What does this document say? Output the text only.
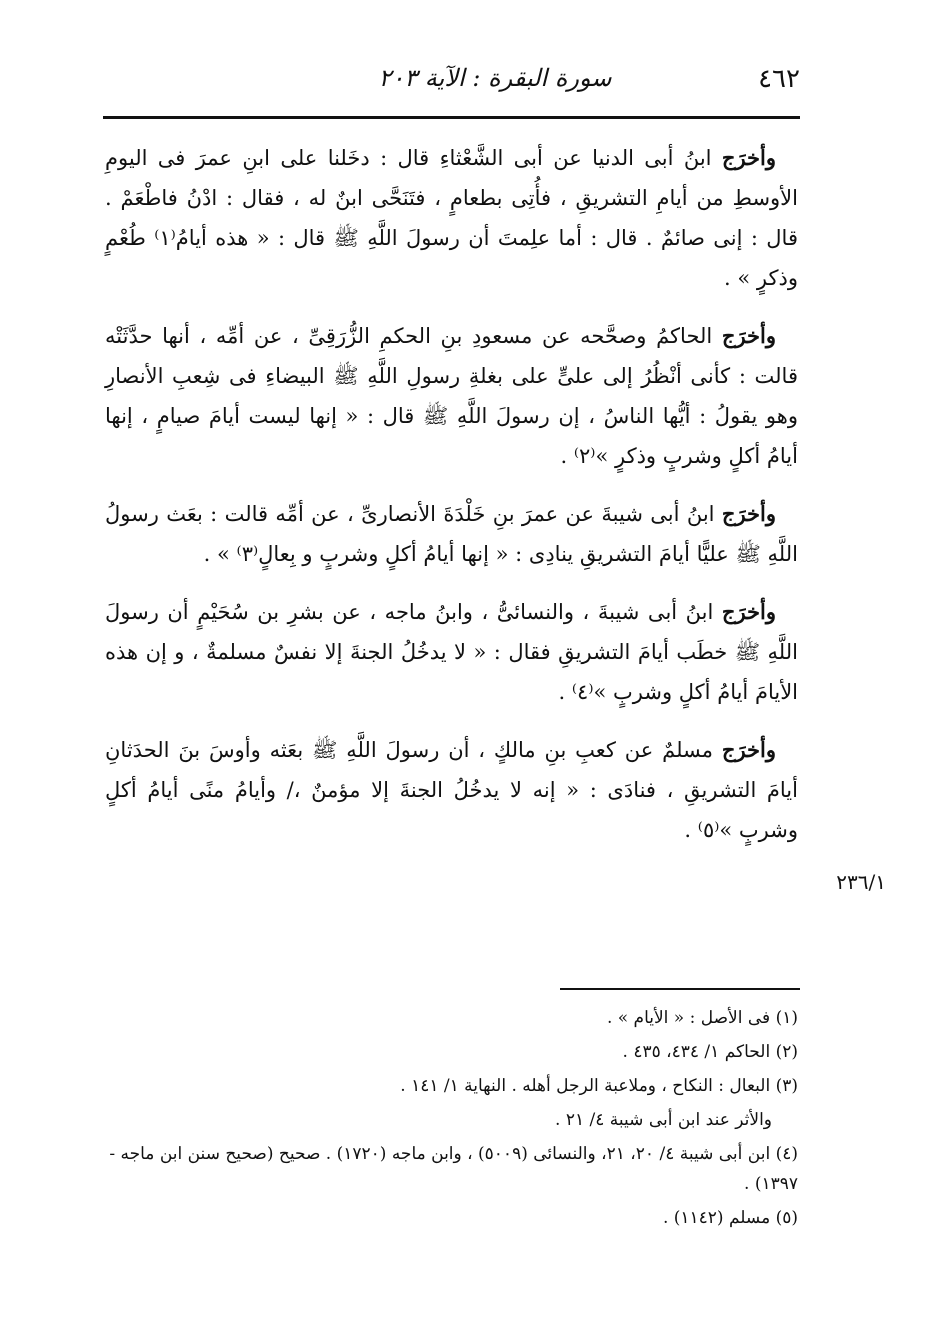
٤٦٢
سورة البقرة : الآية ٢٠٣

وأخرَج ابنُ أبى الدنيا عن أبى الشَّعْثاءِ قال : دخَلنا على ابنِ عمرَ فى اليومِ الأوسطِ من أيامِ التشريقِ ، فأُتِى بطعامٍ ، فتَنَحَّى ابنٌ له ، فقال : ادْنُ فاطْعَمْ . قال : إنى صائمٌ . قال : أما علِمتَ أن رسولَ اللَّهِ ﷺ قال : « هذه أيامُ⁽١⁾ طُعْمٍ وذكرٍ » .

وأخرَج الحاكمُ وصحَّحه عن مسعودِ بنِ الحكمِ الزُّرَقِىِّ ، عن أمِّه ، أنها حدَّثَتْه قالت : كأنى أنْظُرُ إلى علىٍّ على بغلةِ رسولِ اللَّهِ ﷺ البيضاءِ فى شِعبِ الأنصارِ وهو يقولُ : أيُّها الناسُ ، إن رسولَ اللَّهِ ﷺ قال : « إنها ليست أيامَ صيامٍ ، إنها أيامُ أكلٍ وشربٍ وذكرٍ »⁽٢⁾ .

وأخرَج ابنُ أبى شيبةَ عن عمرَ بنِ خَلْدَةَ الأنصارىِّ ، عن أمِّه قالت : بعَث رسولُ اللَّهِ ﷺ عليًّا أيامَ التشريقِ ينادِى : « إنها أيامُ أكلٍ وشربٍ و بِعالٍ⁽٣⁾ » .

وأخرَج ابنُ أبى شيبةَ ، والنسائىُّ ، وابنُ ماجه ، عن بشرِ بن سُحَيْمٍ أن رسولَ اللَّهِ ﷺ خطَب أيامَ التشريقِ فقال : « لا يدخُلُ الجنةَ إلا نفسٌ مسلمةٌ ، و إن هذه الأيامَ أيامُ أكلٍ وشربٍ »⁽٤⁾ .

وأخرَج مسلمٌ عن كعبِ بنِ مالكٍ ، أن رسولَ اللَّهِ ﷺ بعَثه وأوسَ بنَ الحدَثانِ أيامَ التشريقِ ، فنادَى : « إنه لا يدخُلُ الجنةَ إلا مؤمنٌ ،/ وأيامُ منًى أيامُ أكلٍ وشربٍ »⁽٥⁾ .

٢٣٦/١

(١) فى الأصل : « الأيام » .

(٢) الحاكم ١/ ٤٣٤، ٤٣٥ .

(٣) البعال : النكاح ، وملاعبة الرجل أهله . النهاية ١/ ١٤١ .

والأثر عند ابن أبى شيبة ٤/ ٢١ .

(٤) ابن أبى شيبة ٤/ ٢٠، ٢١، والنسائى (٥٠٠٩) ، وابن ماجه (١٧٢٠) . صحيح (صحيح سنن ابن ماجه - ١٣٩٧) .

(٥) مسلم (١١٤٢) .
